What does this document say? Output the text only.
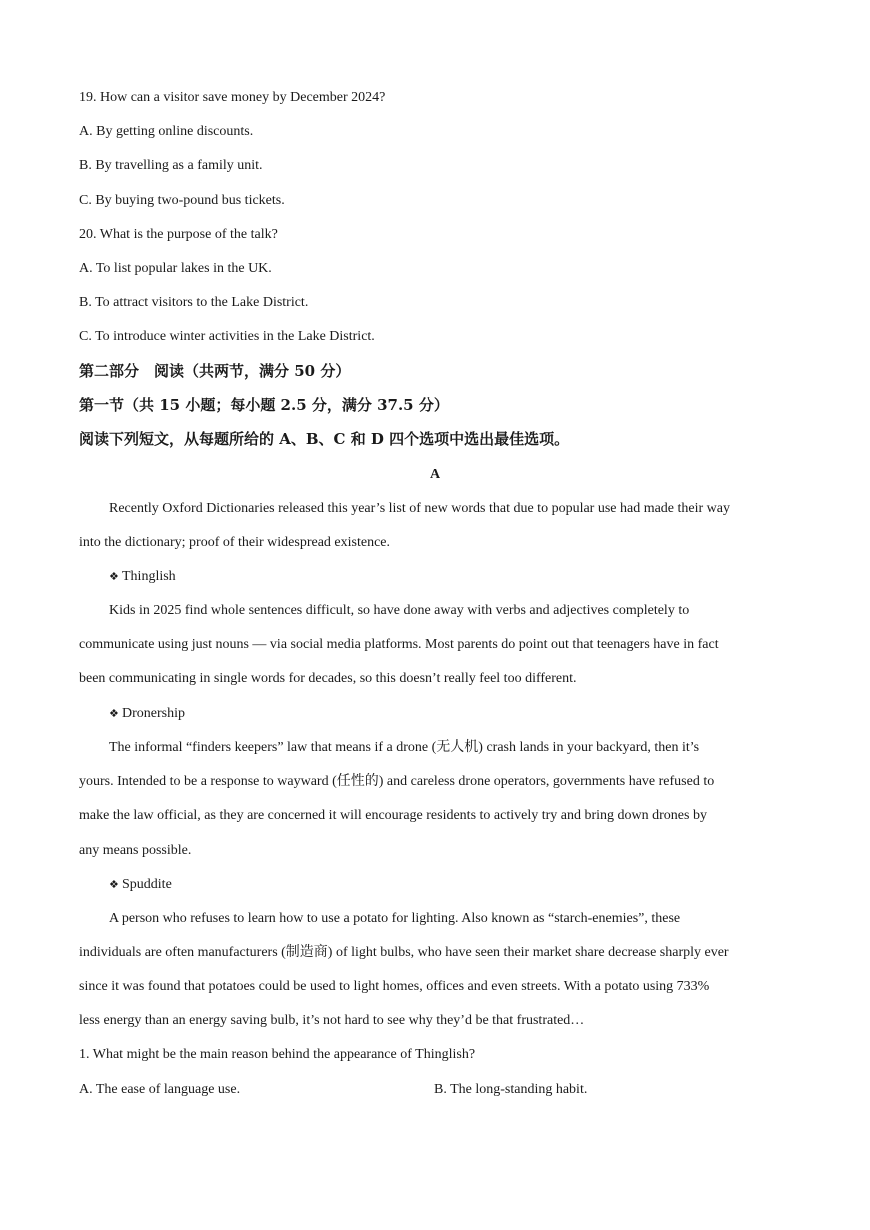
19. How can a visitor save money by December 2024?
A. By getting online discounts.
B. By travelling as a family unit.
C. By buying two-pound bus tickets.
20. What is the purpose of the talk?
A. To list popular lakes in the UK.
B. To attract visitors to the Lake District.
C. To introduce winter activities in the Lake District.
第二部分　阅读（共两节，满分 50 分）
第一节（共 15 小题；每小题 2.5 分，满分 37.5 分）
阅读下列短文，从每题所给的 A、B、C 和 D 四个选项中选出最佳选项。
A
Recently Oxford Dictionaries released this year’s list of new words that due to popular use had made their way
into the dictionary; proof of their widespread existence.
❖ Thinglish
Kids in 2025 find whole sentences difficult, so have done away with verbs and adjectives completely to
communicate using just nouns — via social media platforms. Most parents do point out that teenagers have in fact
been communicating in single words for decades, so this doesn’t really feel too different.
❖ Dronership
The informal “finders keepers” law that means if a drone (无人机) crash lands in your backyard, then it’s
yours. Intended to be a response to wayward (任性的) and careless drone operators, governments have refused to
make the law official, as they are concerned it will encourage residents to actively try and bring down drones by
any means possible.
❖ Spuddite
A person who refuses to learn how to use a potato for lighting. Also known as “starch-enemies”, these
individuals are often manufacturers (制造商) of light bulbs, who have seen their market share decrease sharply ever
since it was found that potatoes could be used to light homes, offices and even streets. With a potato using 733%
less energy than an energy saving bulb, it’s not hard to see why they’d be that frustrated…
1. What might be the main reason behind the appearance of Thinglish?
A. The ease of language use.	B. The long-standing habit.
